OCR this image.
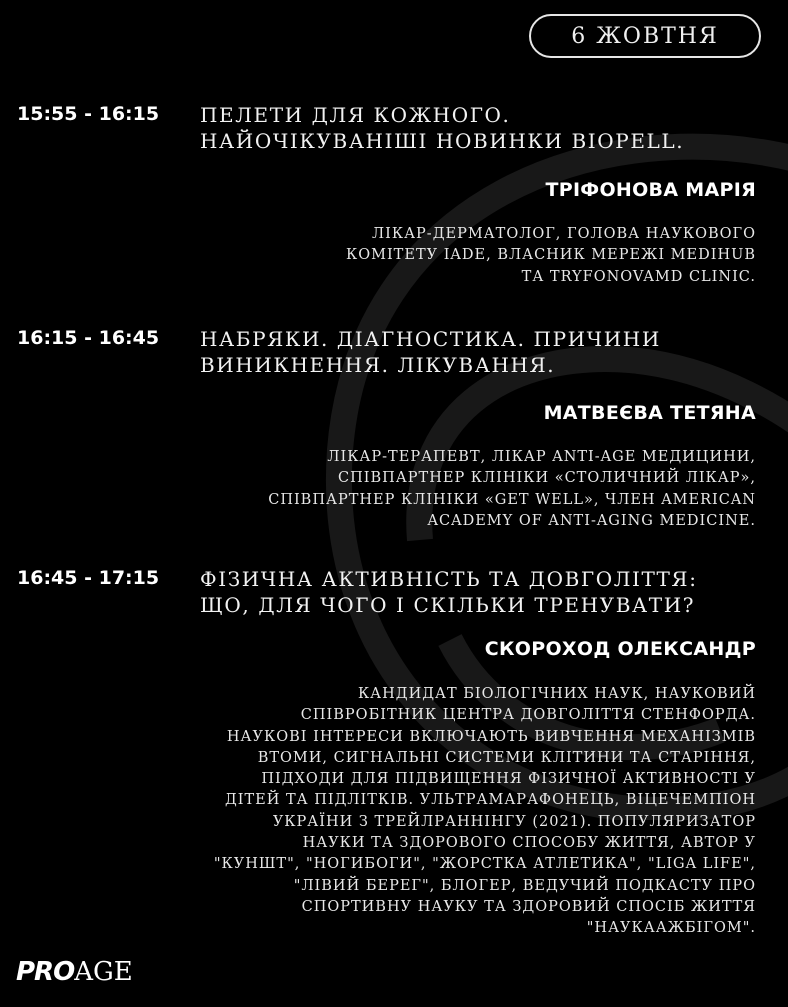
6 ЖОВТНЯ
15:55 - 16:15 ПЕЛЕТИ ДЛЯ КОЖНОГО.
НАЙОЧІКУВАНІШІ НОВИНКИ BIOPELL.
ТРІФОНОВА МАРІЯ
ЛІКАР-ДЕРМАТОЛОГ, ГОЛОВА НАУКОВОГО
КОМІТЕТУ IADE, ВЛАСНИК МЕРЕЖІ MEDIHUB
ТА TRYFONOVAMD CLINIC.
16:15 - 16:45 НАБРЯКИ. ДІАГНОСТИКА. ПРИЧИНИ
ВИНИКНЕННЯ. ЛІКУВАННЯ.
МАТВЕЄВА ТЕТЯНА
ЛІКАР-ТЕРАПЕВТ, ЛІКАР ANTI-AGE МЕДИЦИНИ,
СПІВПАРТНЕР КЛІНІКИ «СТОЛИЧНИЙ ЛІКАР»,
СПІВПАРТНЕР КЛІНІКИ «GET WELL», ЧЛЕН AMERICAN
ACADEMY OF ANTI-AGING MEDICINE.
16:45 - 17:15 ФІЗИЧНА АКТИВНІСТЬ ТА ДОВГОЛІТТЯ:
ЩО, ДЛЯ ЧОГО І СКІЛЬКИ ТРЕНУВАТИ?
СКОРОХОД ОЛЕКСАНДР
КАНДИДАТ БІОЛОГІЧНИХ НАУК, НАУКОВИЙ
СПІВРОБІТНИК ЦЕНТРА ДОВГОЛІТТЯ СТЕНФОРДА.
НАУКОВІ ІНТЕРЕСИ ВКЛЮЧАЮТЬ ВИВЧЕННЯ МЕХАНІЗМІВ
ВТОМИ, СИГНАЛЬНІ СИСТЕМИ КЛІТИНИ ТА СТАРІННЯ,
ПІДХОДИ ДЛЯ ПІДВИЩЕННЯ ФІЗИЧНОЇ АКТИВНОСТІ У
ДІТЕЙ ТА ПІДЛІТКІВ. УЛЬТРАМАРАФОНЕЦЬ, ВІЦЕЧЕМПІОН
УКРАЇНИ З ТРЕЙЛРАННІНГУ (2021). ПОПУЛЯРИЗАТОР
НАУКИ ТА ЗДОРОВОГО СПОСОБУ ЖИТТЯ, АВТОР У
"КУНШТ", "НОГИБОГИ", "ЖОРСТКА АТЛЕТИКА", "LIGA LIFE",
"ЛІВИЙ БЕРЕГ", БЛОГЕР, ВЕДУЧИЙ ПОДКАСТУ ПРО
СПОРТИВНУ НАУКУ ТА ЗДОРОВИЙ СПОСІБ ЖИТТЯ
"НАУКААЖБІГОМ".
PROAGE
